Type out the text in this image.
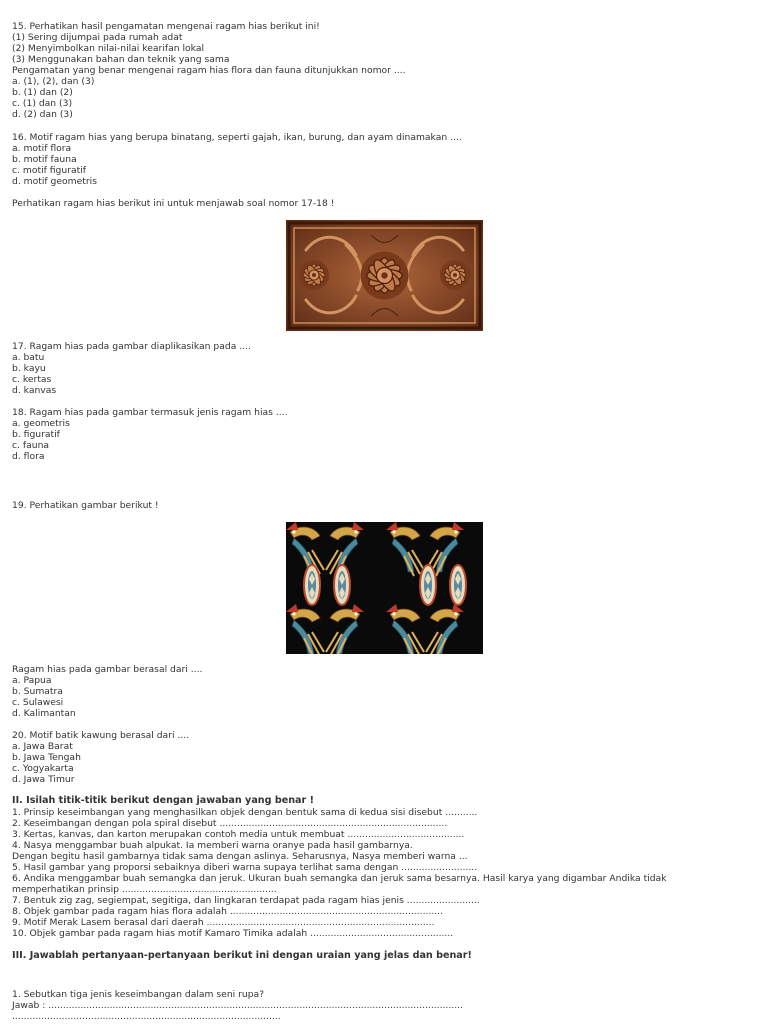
15. Perhatikan hasil pengamatan mengenai ragam hias berikut ini!
(1) Sering dijumpai pada rumah adat
(2) Menyimbolkan nilai-nilai kearifan lokal
(3) Menggunakan bahan dan teknik yang sama
Pengamatan yang benar mengenai ragam hias flora dan fauna ditunjukkan nomor ....
a. (1), (2), dan (3)
b. (1) dan (2)
c. (1) dan (3)
d. (2) dan (3)
16. Motif ragam hias yang berupa binatang, seperti gajah, ikan, burung, dan ayam dinamakan ....
a. motif flora
b. motif fauna
c. motif figuratif
d. motif geometris
Perhatikan ragam hias berikut ini untuk menjawab soal nomor 17-18 !
17. Ragam hias pada gambar diaplikasikan pada ....
a. batu
b. kayu
c. kertas
d. kanvas
18. Ragam hias pada gambar termasuk jenis ragam hias ....
a. geometris
b. figuratif
c. fauna
d. flora
19. Perhatikan gambar berikut !
Ragam hias pada gambar berasal dari ....
a. Papua
b. Sumatra
c. Sulawesi
d. Kalimantan
20. Motif batik kawung berasal dari ....
a. Jawa Barat
b. Jawa Tengah
c. Yogyakarta
d. Jawa Timur
II. Isilah titik-titik berikut dengan jawaban yang benar !
1. Prinsip keseimbangan yang menghasilkan objek dengan bentuk sama di kedua sisi disebut ...........
2. Keseimbangan dengan pola spiral disebut ..............................................................................
3. Kertas, kanvas, dan karton merupakan contoh media untuk membuat ........................................
4. Nasya menggambar buah alpukat. Ia memberi warna oranye pada hasil gambarnya.
Dengan begitu hasil gambarnya tidak sama dengan aslinya. Seharusnya, Nasya memberi warna ...
5. Hasil gambar yang proporsi sebaiknya diberi warna supaya terlihat sama dengan ..........................
6. Andika menggambar buah semangka dan jeruk. Ukuran buah semangka dan jeruk sama besarnya. Hasil karya yang digambar Andika tidak
memperhatikan prinsip .....................................................
7. Bentuk zig zag, segiempat, segitiga, dan lingkaran terdapat pada ragam hias jenis .........................
8. Objek gambar pada ragam hias flora adalah .........................................................................
9. Motif Merak Lasem berasal dari daerah ..............................................................................
10. Objek gambar pada ragam hias motif Kamaro Timika adalah .................................................
III. Jawablah pertanyaan-pertanyaan berikut ini dengan uraian yang jelas dan benar!
1. Sebutkan tiga jenis keseimbangan dalam seni rupa?
Jawab : ..............................................................................................................................................
............................................................................................
